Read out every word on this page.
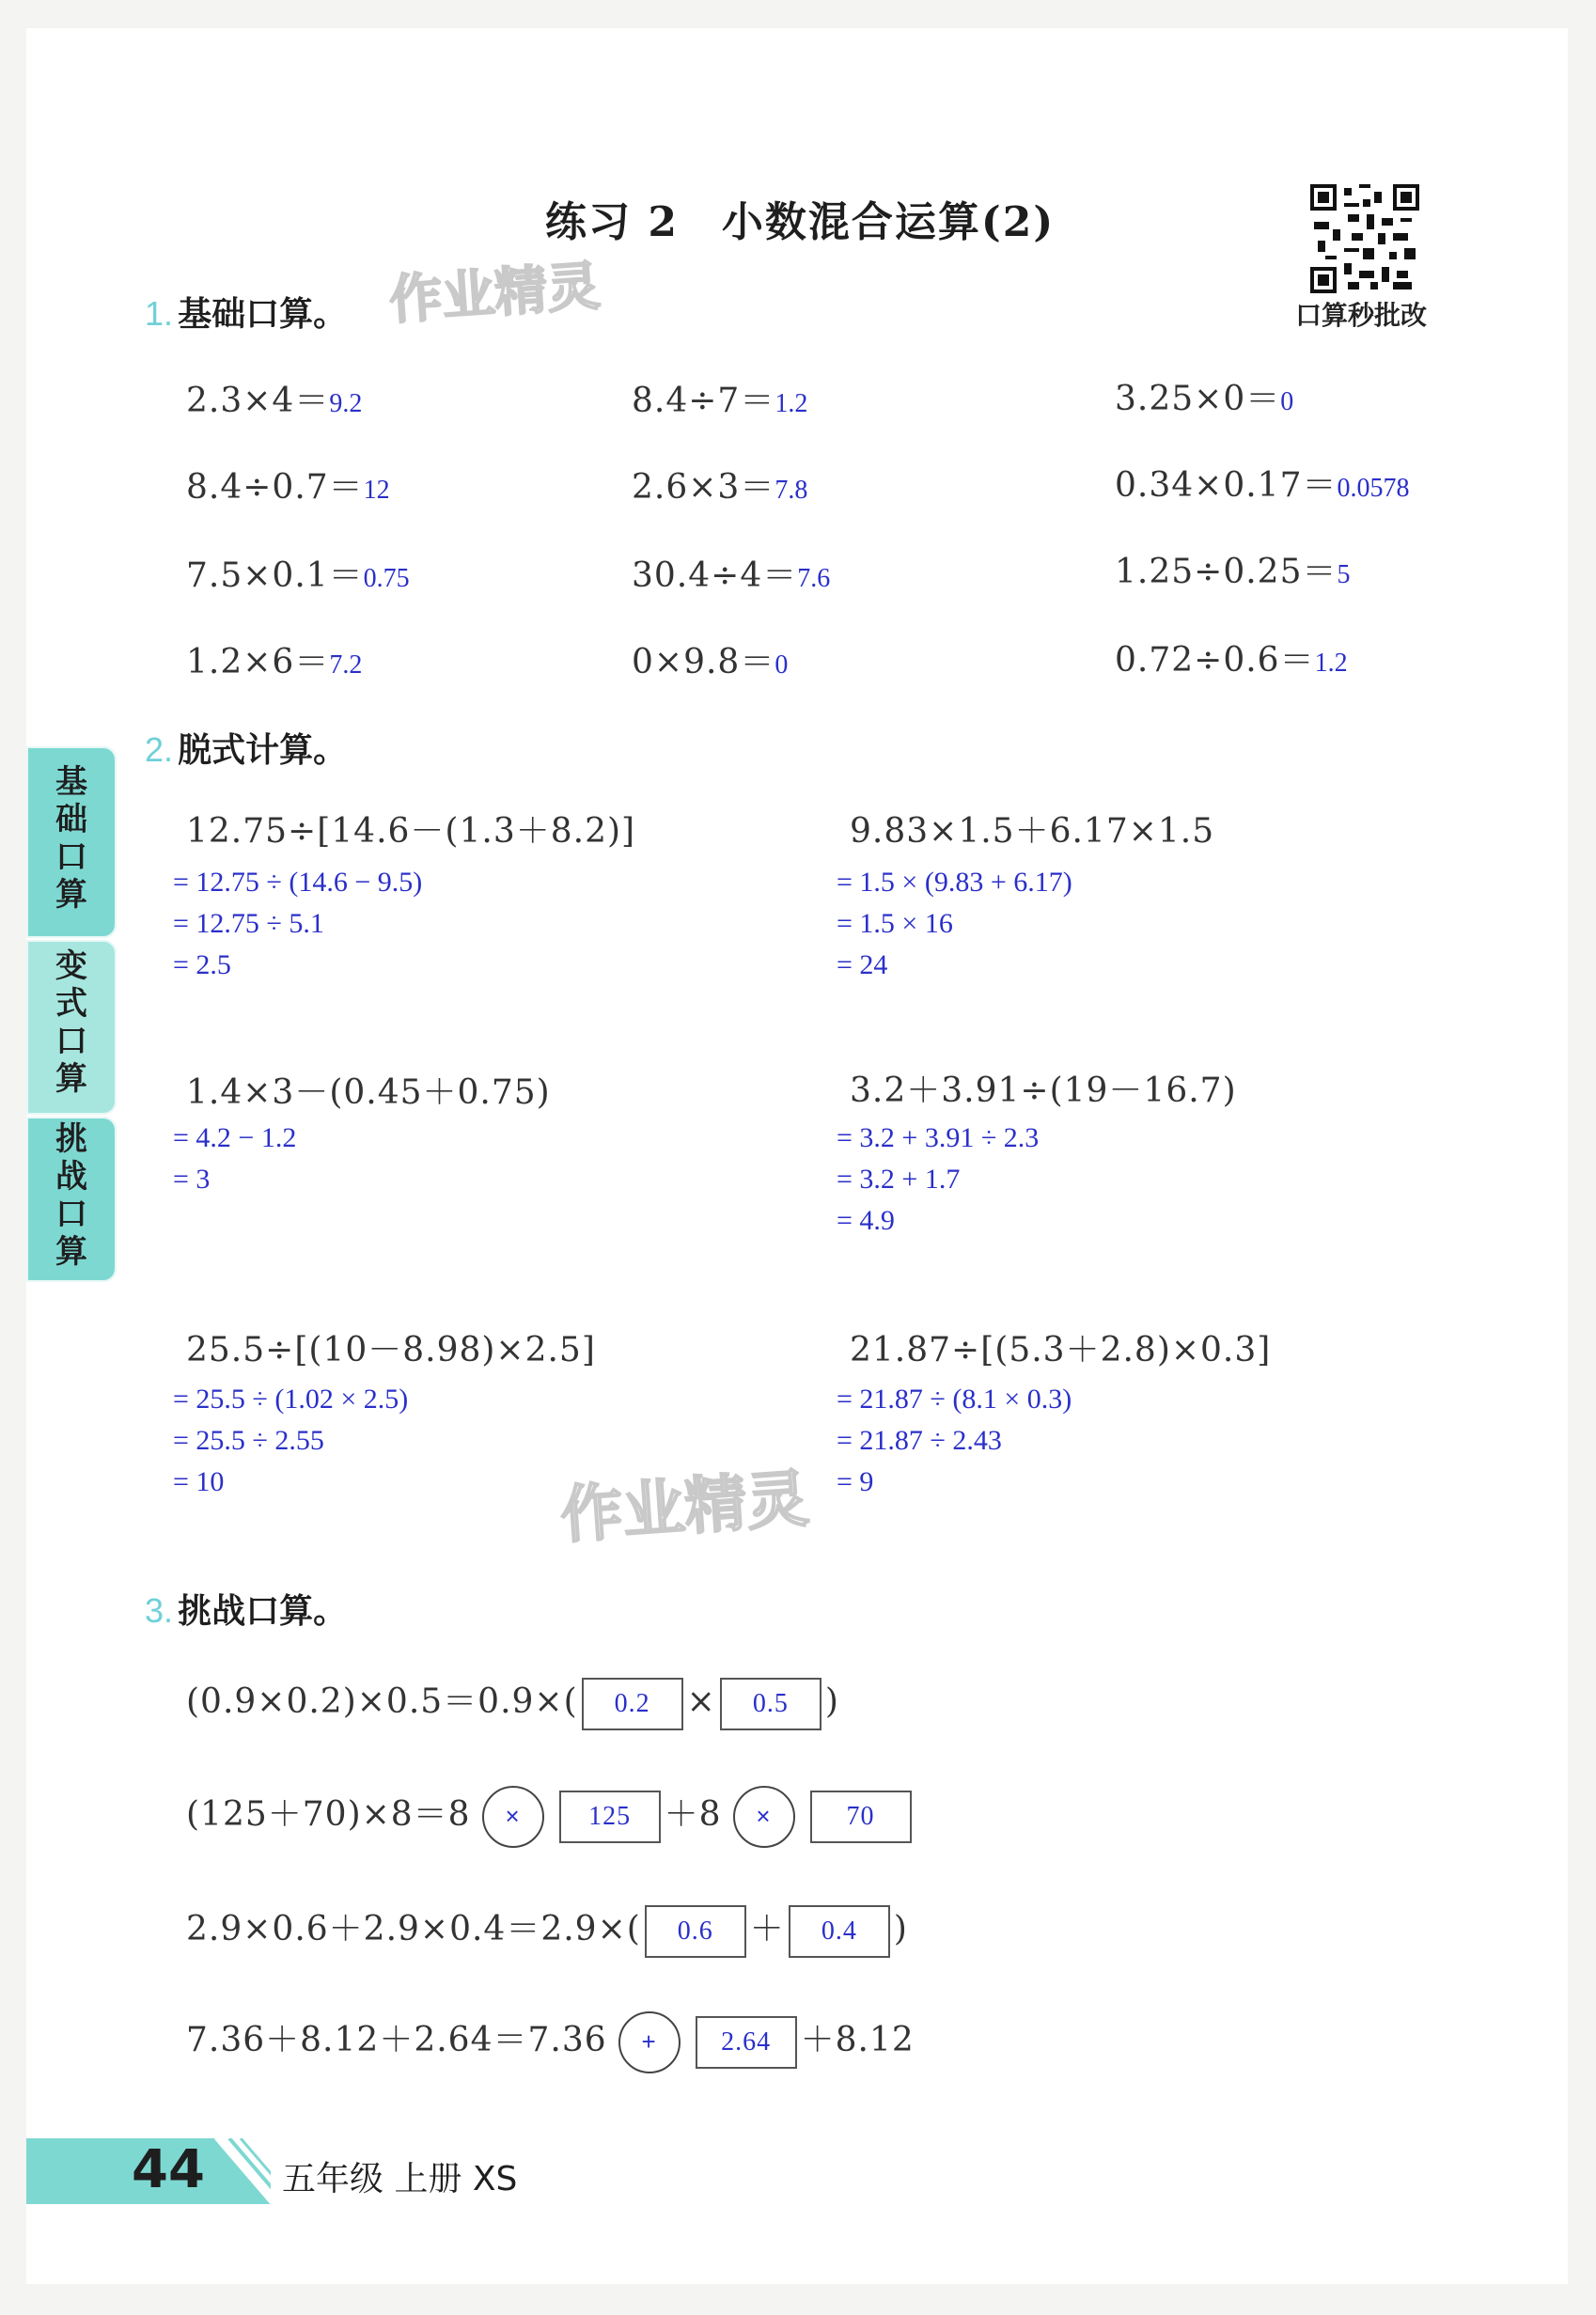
练习 2　小数混合运算(2)
口算秒批改
作业精灵
作业精灵
1. 基础口算。
2.3×4＝9.2	8.4÷7＝1.2	3.25×0＝0
8.4÷0.7＝12	2.6×3＝7.8	0.34×0.17＝0.0578
7.5×0.1＝0.75	30.4÷4＝7.6	1.25÷0.25＝5
1.2×6＝7.2	0×9.8＝0	0.72÷0.6＝1.2
2. 脱式计算。
12.75÷[14.6－(1.3＋8.2)]
= 12.75 ÷ (14.6 − 9.5)
= 12.75 ÷ 5.1
= 2.5
9.83×1.5＋6.17×1.5
= 1.5 × (9.83 + 6.17)
= 1.5 × 16
= 24
1.4×3－(0.45＋0.75)
= 4.2 − 1.2
= 3
3.2＋3.91÷(19－16.7)
= 3.2 + 3.91 ÷ 2.3
= 3.2 + 1.7
= 4.9
25.5÷[(10－8.98)×2.5]
= 25.5 ÷ (1.02 × 2.5)
= 25.5 ÷ 2.55
= 10
21.87÷[(5.3＋2.8)×0.3]
= 21.87 ÷ (8.1 × 0.3)
= 21.87 ÷ 2.43
= 9
3. 挑战口算。
(0.9×0.2)×0.5＝0.9×( 0.2 × 0.5 )
(125＋70)×8＝8 ×	125 ＋8 ×	70
2.9×0.6＋2.9×0.4＝2.9×( 0.6 ＋ 0.4 )
7.36＋8.12＋2.64＝7.36 + 2.64 ＋8.12
基础口算
变式口算
挑战口算
44 五年级 上册 XS
